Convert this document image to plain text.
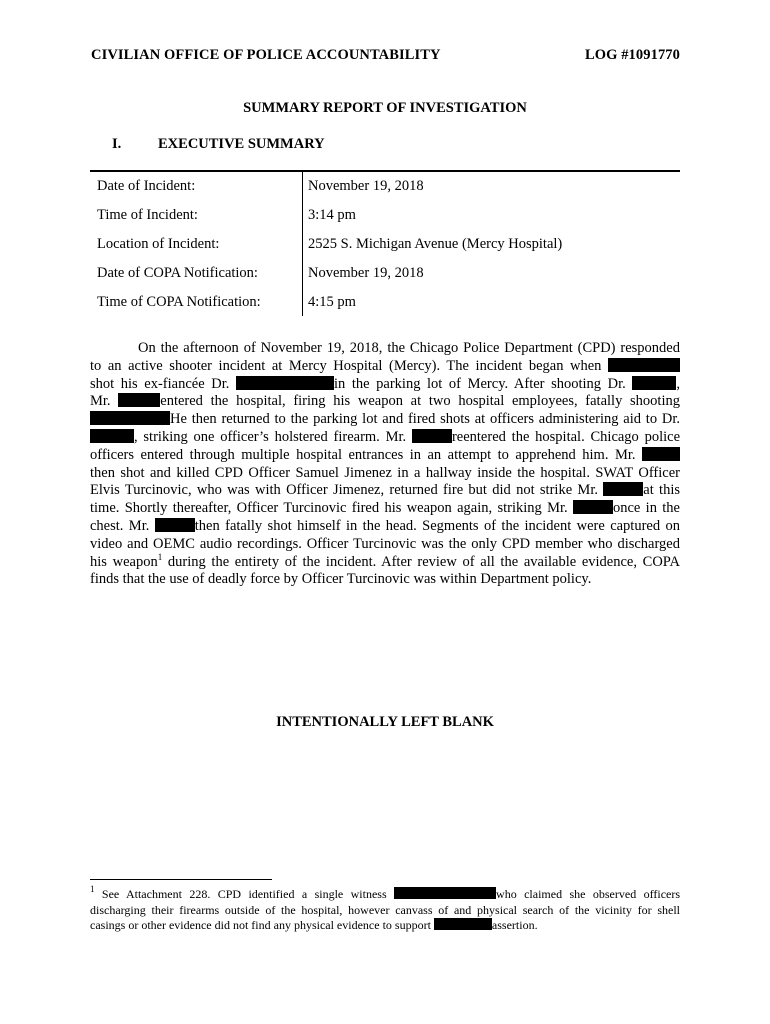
CIVILIAN OFFICE OF POLICE ACCOUNTABILITY	LOG #1091770
SUMMARY REPORT OF INVESTIGATION
I.	EXECUTIVE SUMMARY
Date of Incident:	November 19, 2018
Time of Incident:	3:14 pm
Location of Incident:	2525 S. Michigan Avenue (Mercy Hospital)
Date of COPA Notification:	November 19, 2018
Time of COPA Notification:	4:15 pm
On the afternoon of November 19, 2018, the Chicago Police Department (CPD) responded
to an active shooter incident at Mercy Hospital (Mercy). The incident began when
shot his ex-fiancée Dr.	in the parking lot of Mercy. After shooting Dr.	,
Mr.	entered the hospital, firing his weapon at two hospital employees, fatally shooting
He then returned to the parking lot and fired shots at officers administering aid to Dr.
, striking one officer’s holstered firearm. Mr.	reentered the hospital. Chicago police
officers entered through multiple hospital entrances in an attempt to apprehend him. Mr.
then shot and killed CPD Officer Samuel Jimenez in a hallway inside the hospital. SWAT Officer
Elvis Turcinovic, who was with Officer Jimenez, returned fire but did not strike Mr.	at this
time. Shortly thereafter, Officer Turcinovic fired his weapon again, striking Mr.	once in the
chest. Mr.	then fatally shot himself in the head. Segments of the incident were captured on
video and OEMC audio recordings. Officer Turcinovic was the only CPD member who discharged
his weapon$^1$ during the entirety of the incident. After review of all the available evidence, COPA
finds that the use of deadly force by Officer Turcinovic was within Department policy.
INTENTIONALLY LEFT BLANK
$^1$ See Attachment 228. CPD identified a single witness	who claimed she observed officers
discharging their firearms outside of the hospital, however canvass of and physical search of the vicinity for shell
casings or other evidence did not find any physical evidence to support	assertion.
